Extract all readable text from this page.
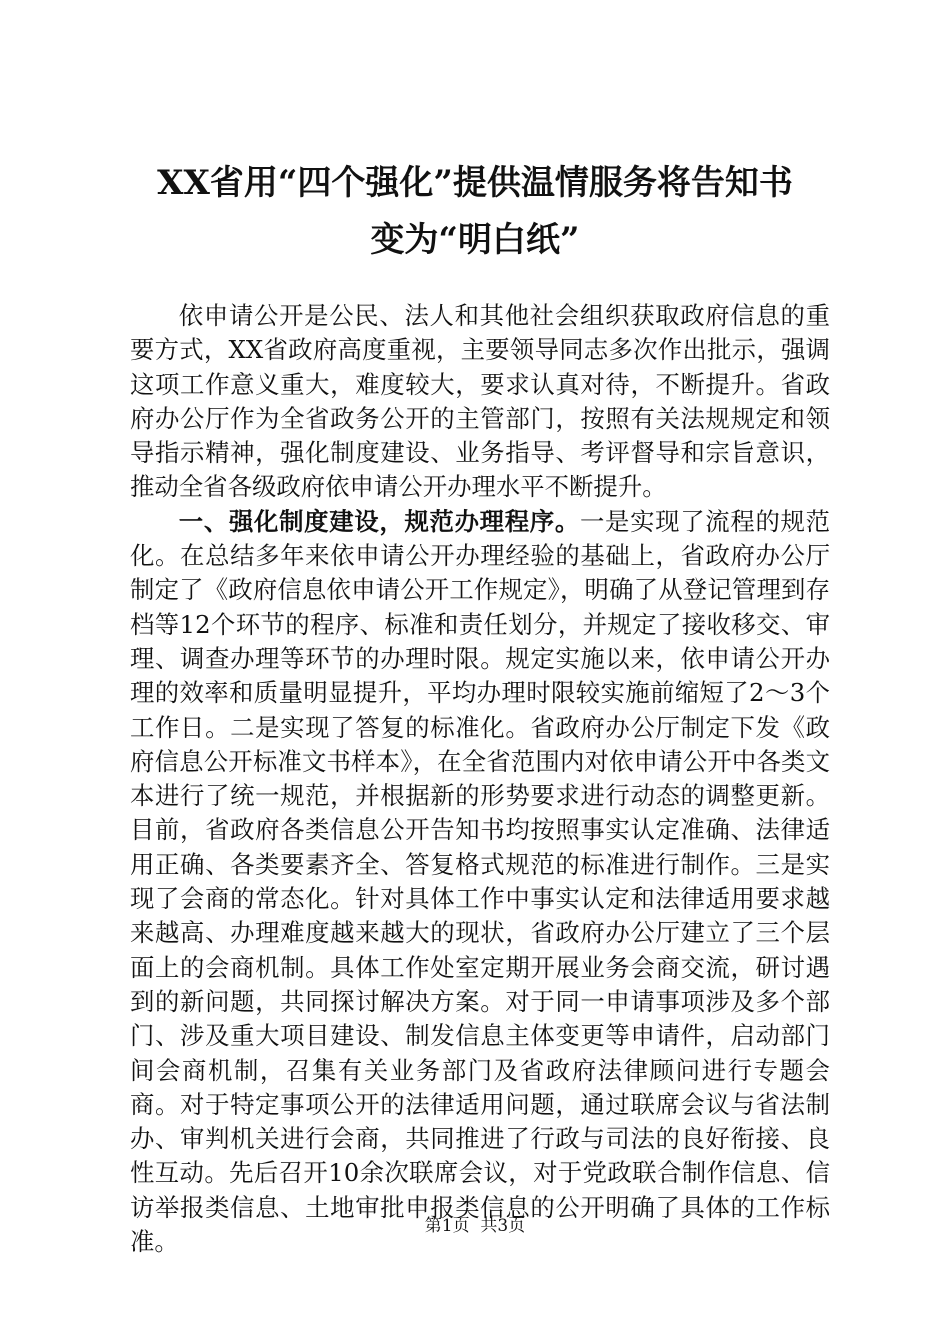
XX省用“四个强化”提供温情服务将告知书
变为“明白纸”

依申请公开是公民、法人和其他社会组织获取政府信息的重要方式，XX省政府高度重视，主要领导同志多次作出批示，强调这项工作意义重大，难度较大，要求认真对待，不断提升。省政府办公厅作为全省政务公开的主管部门，按照有关法规规定和领导指示精神，强化制度建设、业务指导、考评督导和宗旨意识，推动全省各级政府依申请公开办理水平不断提升。

一、强化制度建设，规范办理程序。一是实现了流程的规范化。在总结多年来依申请公开办理经验的基础上，省政府办公厅制定了《政府信息依申请公开工作规定》，明确了从登记管理到存档等12个环节的程序、标准和责任划分，并规定了接收移交、审理、调查办理等环节的办理时限。规定实施以来，依申请公开办理的效率和质量明显提升，平均办理时限较实施前缩短了2～3个工作日。二是实现了答复的标准化。省政府办公厅制定下发《政府信息公开标准文书样本》，在全省范围内对依申请公开中各类文本进行了统一规范，并根据新的形势要求进行动态的调整更新。目前，省政府各类信息公开告知书均按照事实认定准确、法律适用正确、各类要素齐全、答复格式规范的标准进行制作。三是实现了会商的常态化。针对具体工作中事实认定和法律适用要求越来越高、办理难度越来越大的现状，省政府办公厅建立了三个层面上的会商机制。具体工作处室定期开展业务会商交流，研讨遇到的新问题，共同探讨解决方案。对于同一申请事项涉及多个部门、涉及重大项目建设、制发信息主体变更等申请件，启动部门间会商机制，召集有关业务部门及省政府法律顾问进行专题会商。对于特定事项公开的法律适用问题，通过联席会议与省法制办、审判机关进行会商，共同推进了行政与司法的良好衔接、良性互动。先后召开10余次联席会议，对于党政联合制作信息、信访举报类信息、土地审批申报类信息的公开明确了具体的工作标准。

第1页 共3页
